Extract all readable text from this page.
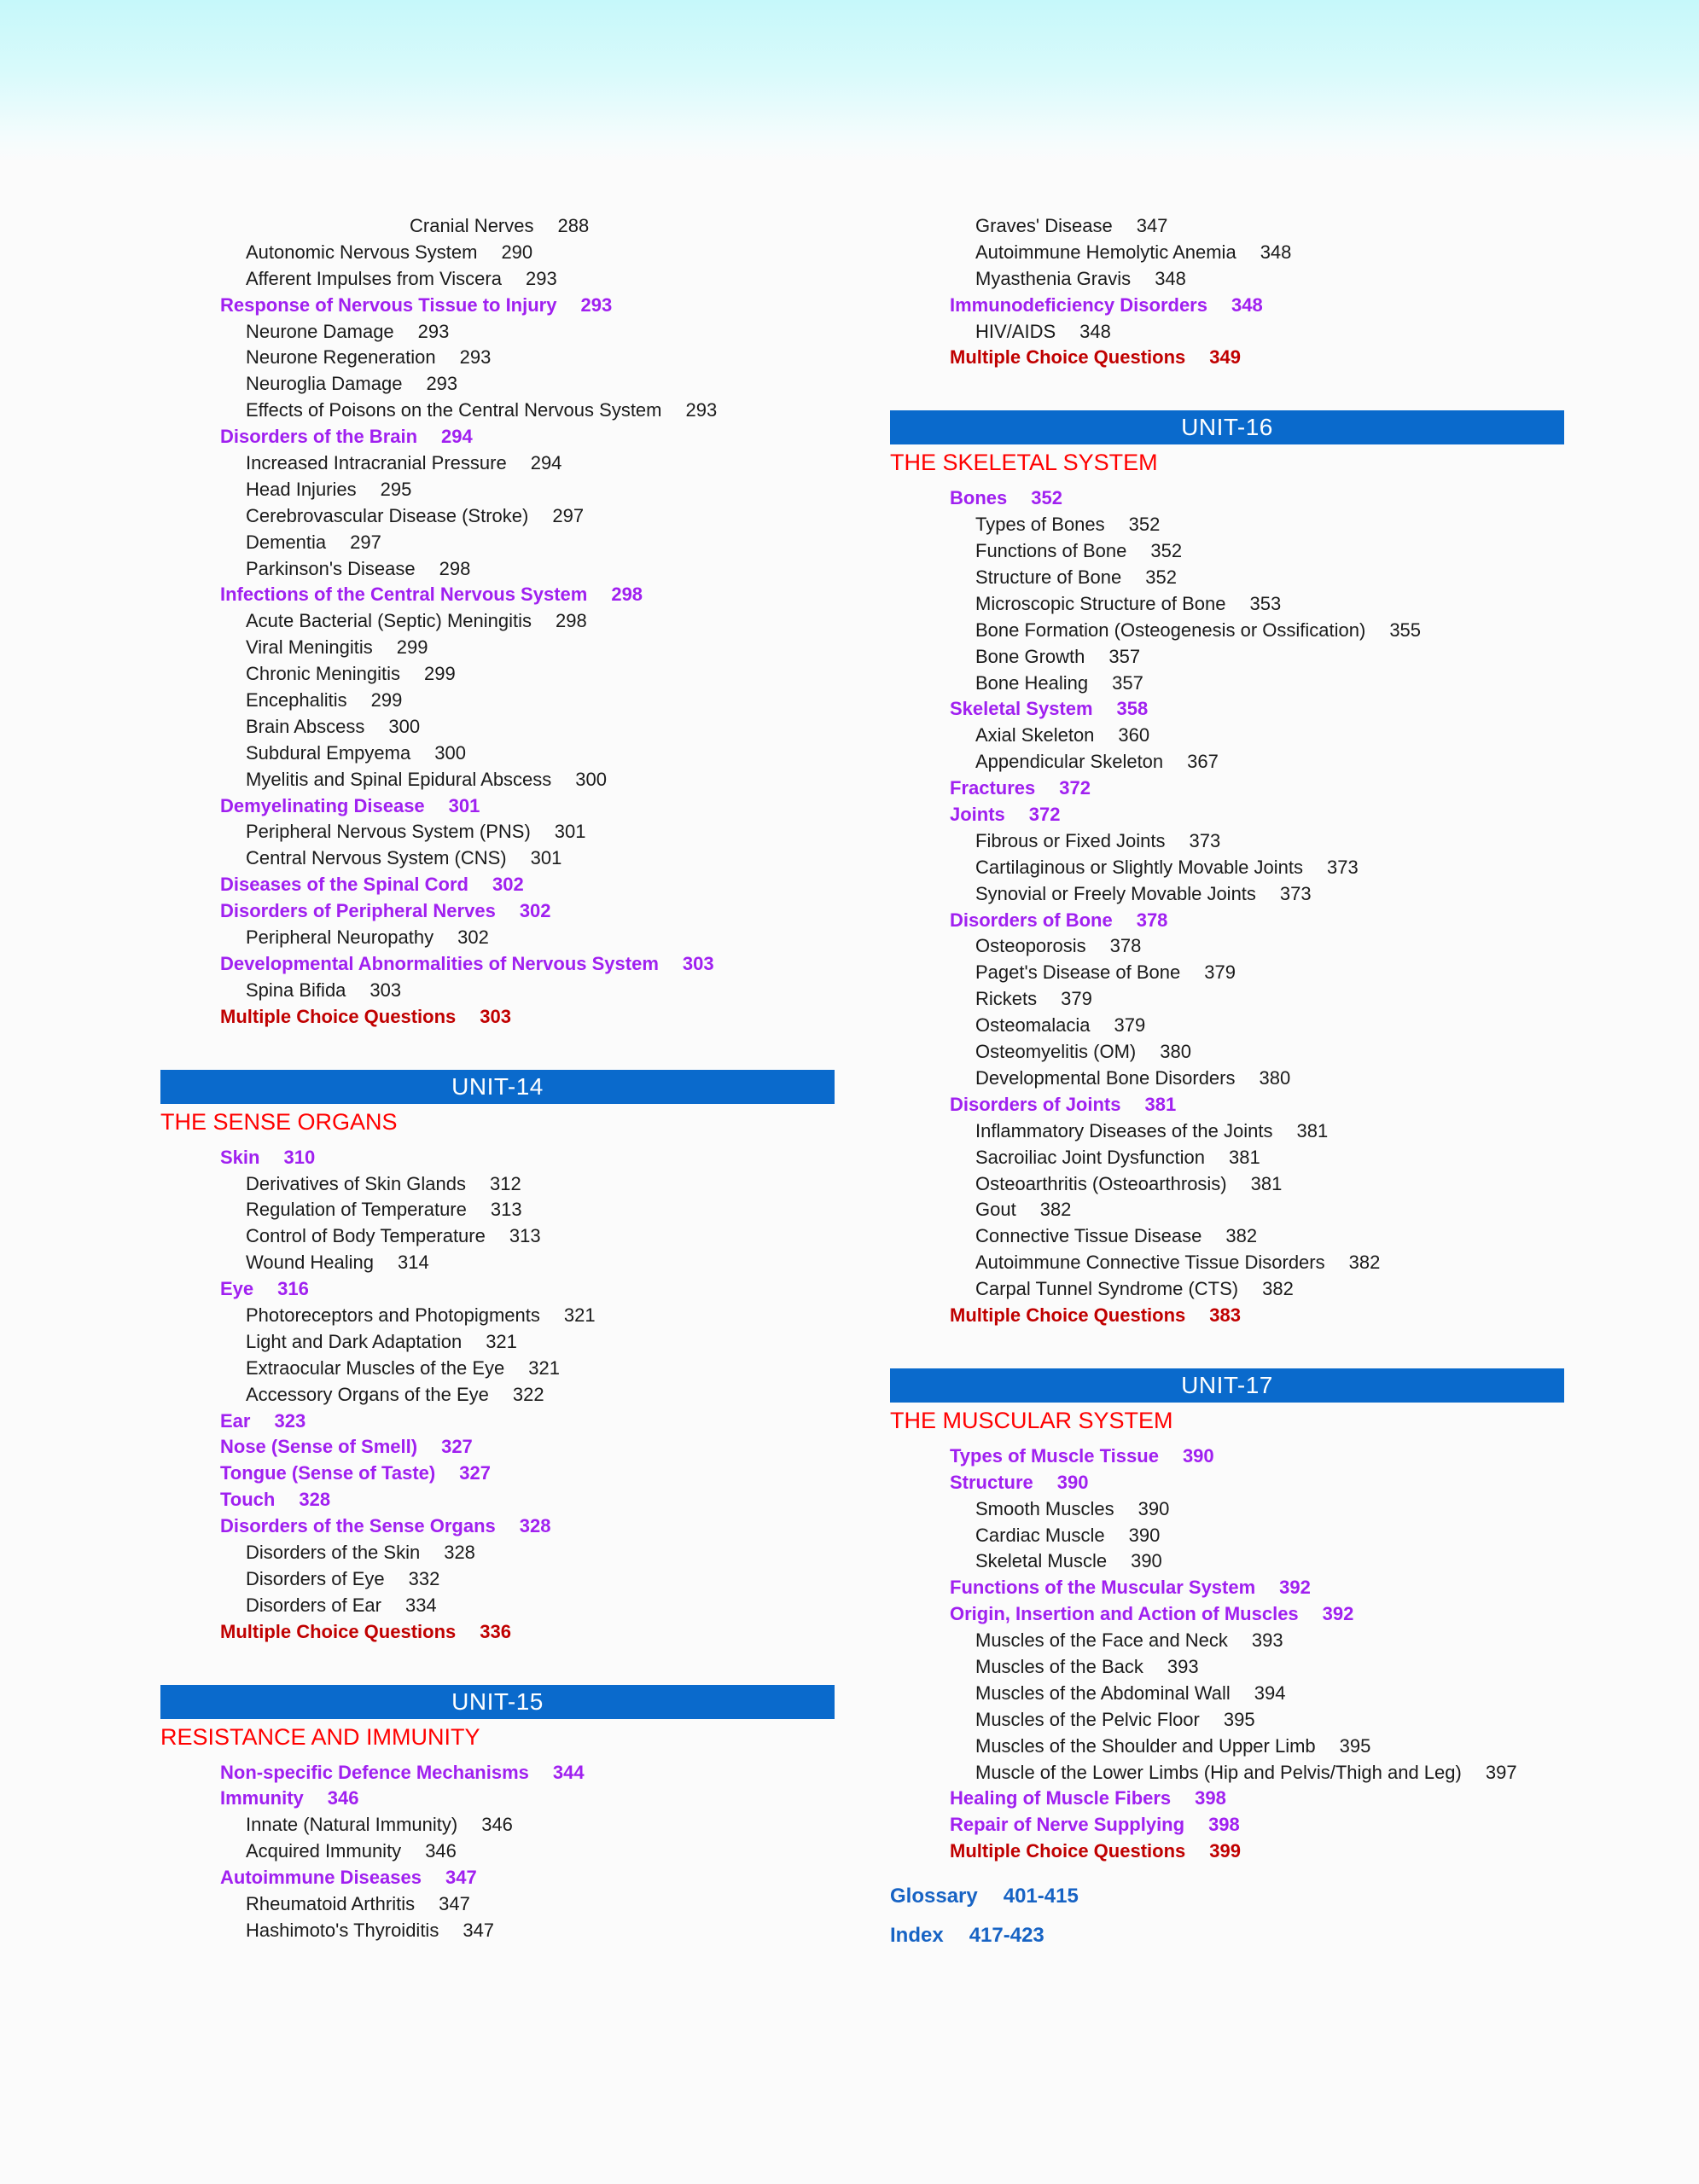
Cranial Nerves 288
Autonomic Nervous System 290
Afferent Impulses from Viscera 293
Response of Nervous Tissue to Injury 293
Neurone Damage 293
Neurone Regeneration 293
Neuroglia Damage 293
Effects of Poisons on the Central Nervous System 293
Disorders of the Brain 294
Increased Intracranial Pressure 294
Head Injuries 295
Cerebrovascular Disease (Stroke) 297
Dementia 297
Parkinson's Disease 298
Infections of the Central Nervous System 298
Acute Bacterial (Septic) Meningitis 298
Viral Meningitis 299
Chronic Meningitis 299
Encephalitis 299
Brain Abscess 300
Subdural Empyema 300
Myelitis and Spinal Epidural Abscess 300
Demyelinating Disease 301
Peripheral Nervous System (PNS) 301
Central Nervous System (CNS) 301
Diseases of the Spinal Cord 302
Disorders of Peripheral Nerves 302
Peripheral Neuropathy 302
Developmental Abnormalities of Nervous System 303
Spina Bifida 303
Multiple Choice Questions 303
UNIT-14
THE SENSE ORGANS
Skin 310
Derivatives of Skin Glands 312
Regulation of Temperature 313
Control of Body Temperature 313
Wound Healing 314
Eye 316
Photoreceptors and Photopigments 321
Light and Dark Adaptation 321
Extraocular Muscles of the Eye 321
Accessory Organs of the Eye 322
Ear 323
Nose (Sense of Smell) 327
Tongue (Sense of Taste) 327
Touch 328
Disorders of the Sense Organs 328
Disorders of the Skin 328
Disorders of Eye 332
Disorders of Ear 334
Multiple Choice Questions 336
UNIT-15
RESISTANCE AND IMMUNITY
Non-specific Defence Mechanisms 344
Immunity 346
Innate (Natural Immunity) 346
Acquired Immunity 346
Autoimmune Diseases 347
Rheumatoid Arthritis 347
Hashimoto's Thyroiditis 347
Graves' Disease 347
Autoimmune Hemolytic Anemia 348
Myasthenia Gravis 348
Immunodeficiency Disorders 348
HIV/AIDS 348
Multiple Choice Questions 349
UNIT-16
THE SKELETAL SYSTEM
Bones 352
Types of Bones 352
Functions of Bone 352
Structure of Bone 352
Microscopic Structure of Bone 353
Bone Formation (Osteogenesis or Ossification) 355
Bone Growth 357
Bone Healing 357
Skeletal System 358
Axial Skeleton 360
Appendicular Skeleton 367
Fractures 372
Joints 372
Fibrous or Fixed Joints 373
Cartilaginous or Slightly Movable Joints 373
Synovial or Freely Movable Joints 373
Disorders of Bone 378
Osteoporosis 378
Paget's Disease of Bone 379
Rickets 379
Osteomalacia 379
Osteomyelitis (OM) 380
Developmental Bone Disorders 380
Disorders of Joints 381
Inflammatory Diseases of the Joints 381
Sacroiliac Joint Dysfunction 381
Osteoarthritis (Osteoarthrosis) 381
Gout 382
Connective Tissue Disease 382
Autoimmune Connective Tissue Disorders 382
Carpal Tunnel Syndrome (CTS) 382
Multiple Choice Questions 383
UNIT-17
THE MUSCULAR SYSTEM
Types of Muscle Tissue 390
Structure 390
Smooth Muscles 390
Cardiac Muscle 390
Skeletal Muscle 390
Functions of the Muscular System 392
Origin, Insertion and Action of Muscles 392
Muscles of the Face and Neck 393
Muscles of the Back 393
Muscles of the Abdominal Wall 394
Muscles of the Pelvic Floor 395
Muscles of the Shoulder and Upper Limb 395
Muscle of the Lower Limbs (Hip and Pelvis/Thigh and Leg) 397
Healing of Muscle Fibers 398
Repair of Nerve Supplying 398
Multiple Choice Questions 399
Glossary 401-415
Index 417-423
